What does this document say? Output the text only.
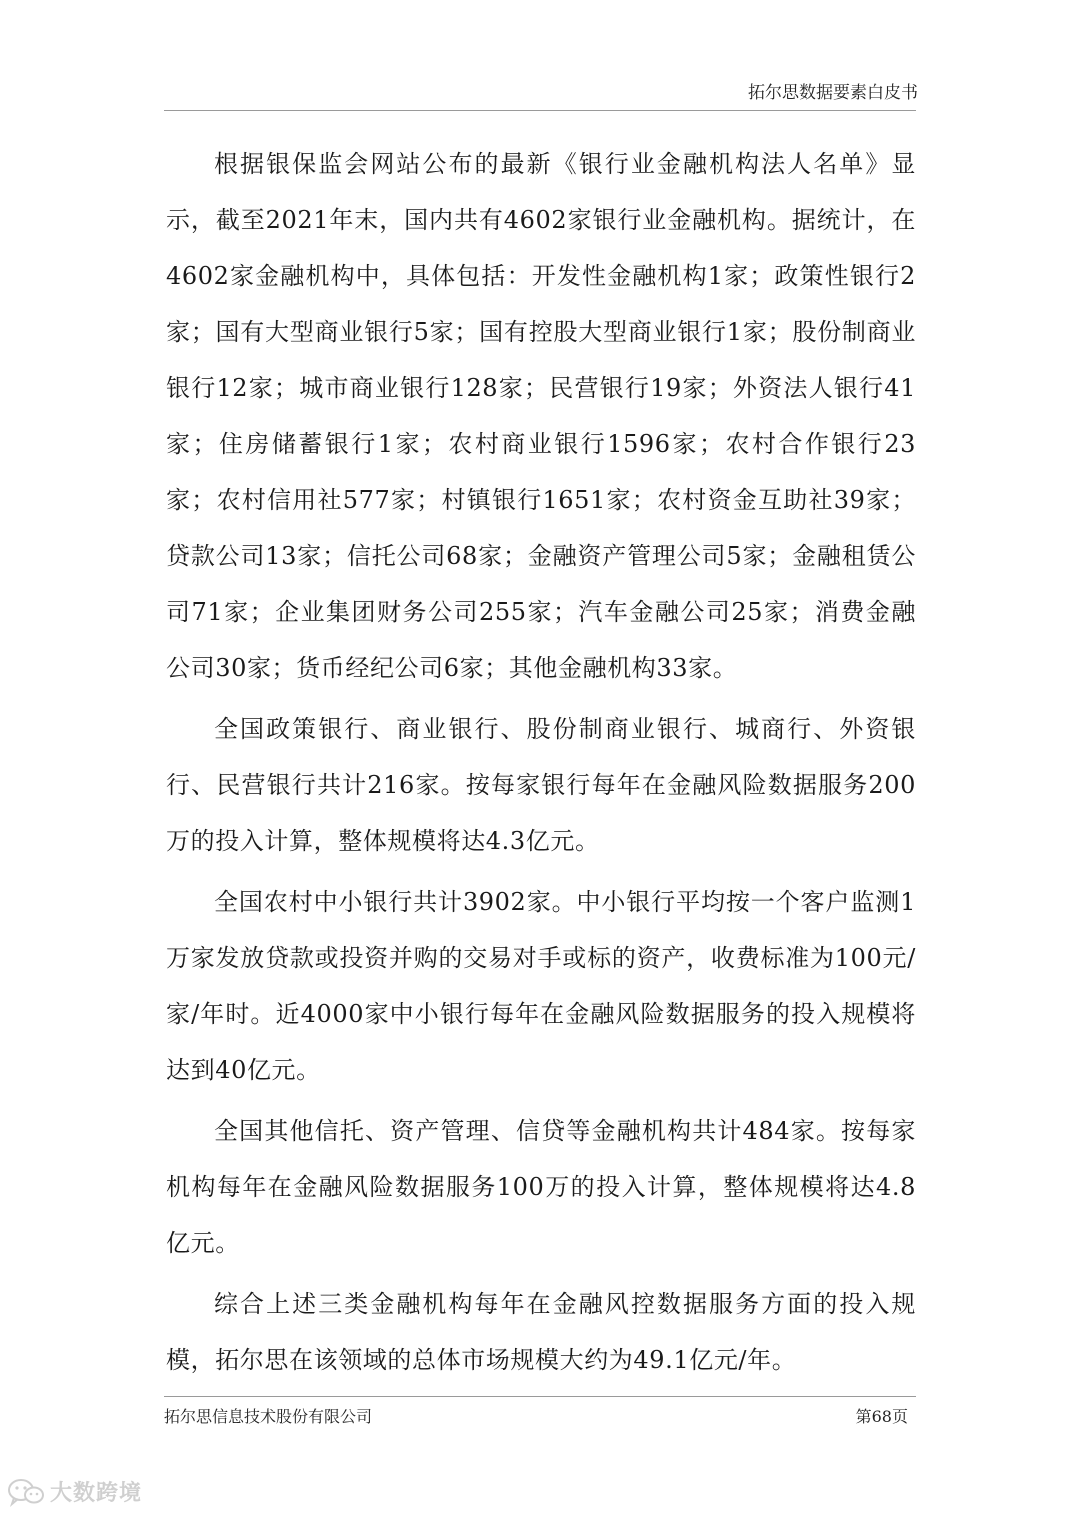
拓尔思数据要素白皮书

根据银保监会网站公布的最新《银行业金融机构法人名单》显示，截至2021年末，国内共有4602家银行业金融机构。据统计，在4602家金融机构中，具体包括：开发性金融机构1家；政策性银行2家；国有大型商业银行5家；国有控股大型商业银行1家；股份制商业银行12家；城市商业银行128家；民营银行19家；外资法人银行41家；住房储蓄银行1家；农村商业银行1596家；农村合作银行23家；农村信用社577家；村镇银行1651家；农村资金互助社39家；贷款公司13家；信托公司68家；金融资产管理公司5家；金融租赁公司71家；企业集团财务公司255家；汽车金融公司25家；消费金融公司30家；货币经纪公司6家；其他金融机构33家。

全国政策银行、商业银行、股份制商业银行、城商行、外资银行、民营银行共计216家。按每家银行每年在金融风险数据服务200万的投入计算，整体规模将达4.3亿元。

全国农村中小银行共计3902家。中小银行平均按一个客户监测1万家发放贷款或投资并购的交易对手或标的资产，收费标准为100元/家/年时。近4000家中小银行每年在金融风险数据服务的投入规模将达到40亿元。

全国其他信托、资产管理、信贷等金融机构共计484家。按每家机构每年在金融风险数据服务100万的投入计算，整体规模将达4.8亿元。

综合上述三类金融机构每年在金融风控数据服务方面的投入规模，拓尔思在该领域的总体市场规模大约为49.1亿元/年。

拓尔思信息技术股份有限公司	第68页
大数跨境
